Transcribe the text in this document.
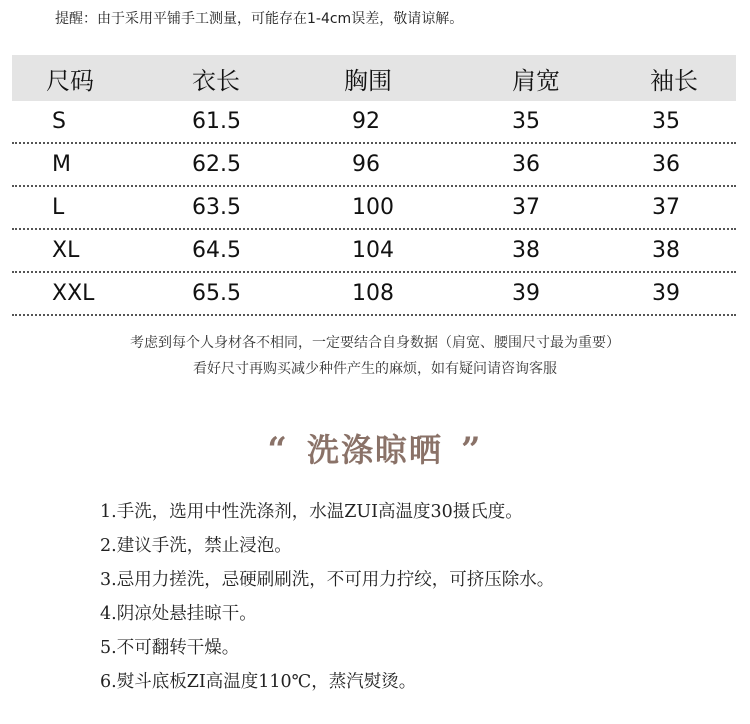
提醒：由于采用平铺手工测量，可能存在1-4cm误差，敬请谅解。
尺码	衣长	胸围	肩宽	袖长
S	61.5	92	35	35
M	62.5	96	36	36
L	63.5	100	37	37
XL	64.5	104	38	38
XXL	65.5	108	39	39
考虑到每个人身材各不相同，一定要结合自身数据（肩宽、腰围尺寸最为重要）
看好尺寸再购买减少种件产生的麻烦，如有疑问请咨询客服
“ 洗涤晾晒 ”
1.手洗，选用中性洗涤剂，水温ZUI高温度30摄氏度。
2.建议手洗，禁止浸泡。
3.忌用力搓洗，忌硬刷刷洗，不可用力拧绞，可挤压除水。
4.阴凉处悬挂晾干。
5.不可翻转干燥。
6.熨斗底板ZI高温度110℃，蒸汽熨烫。
